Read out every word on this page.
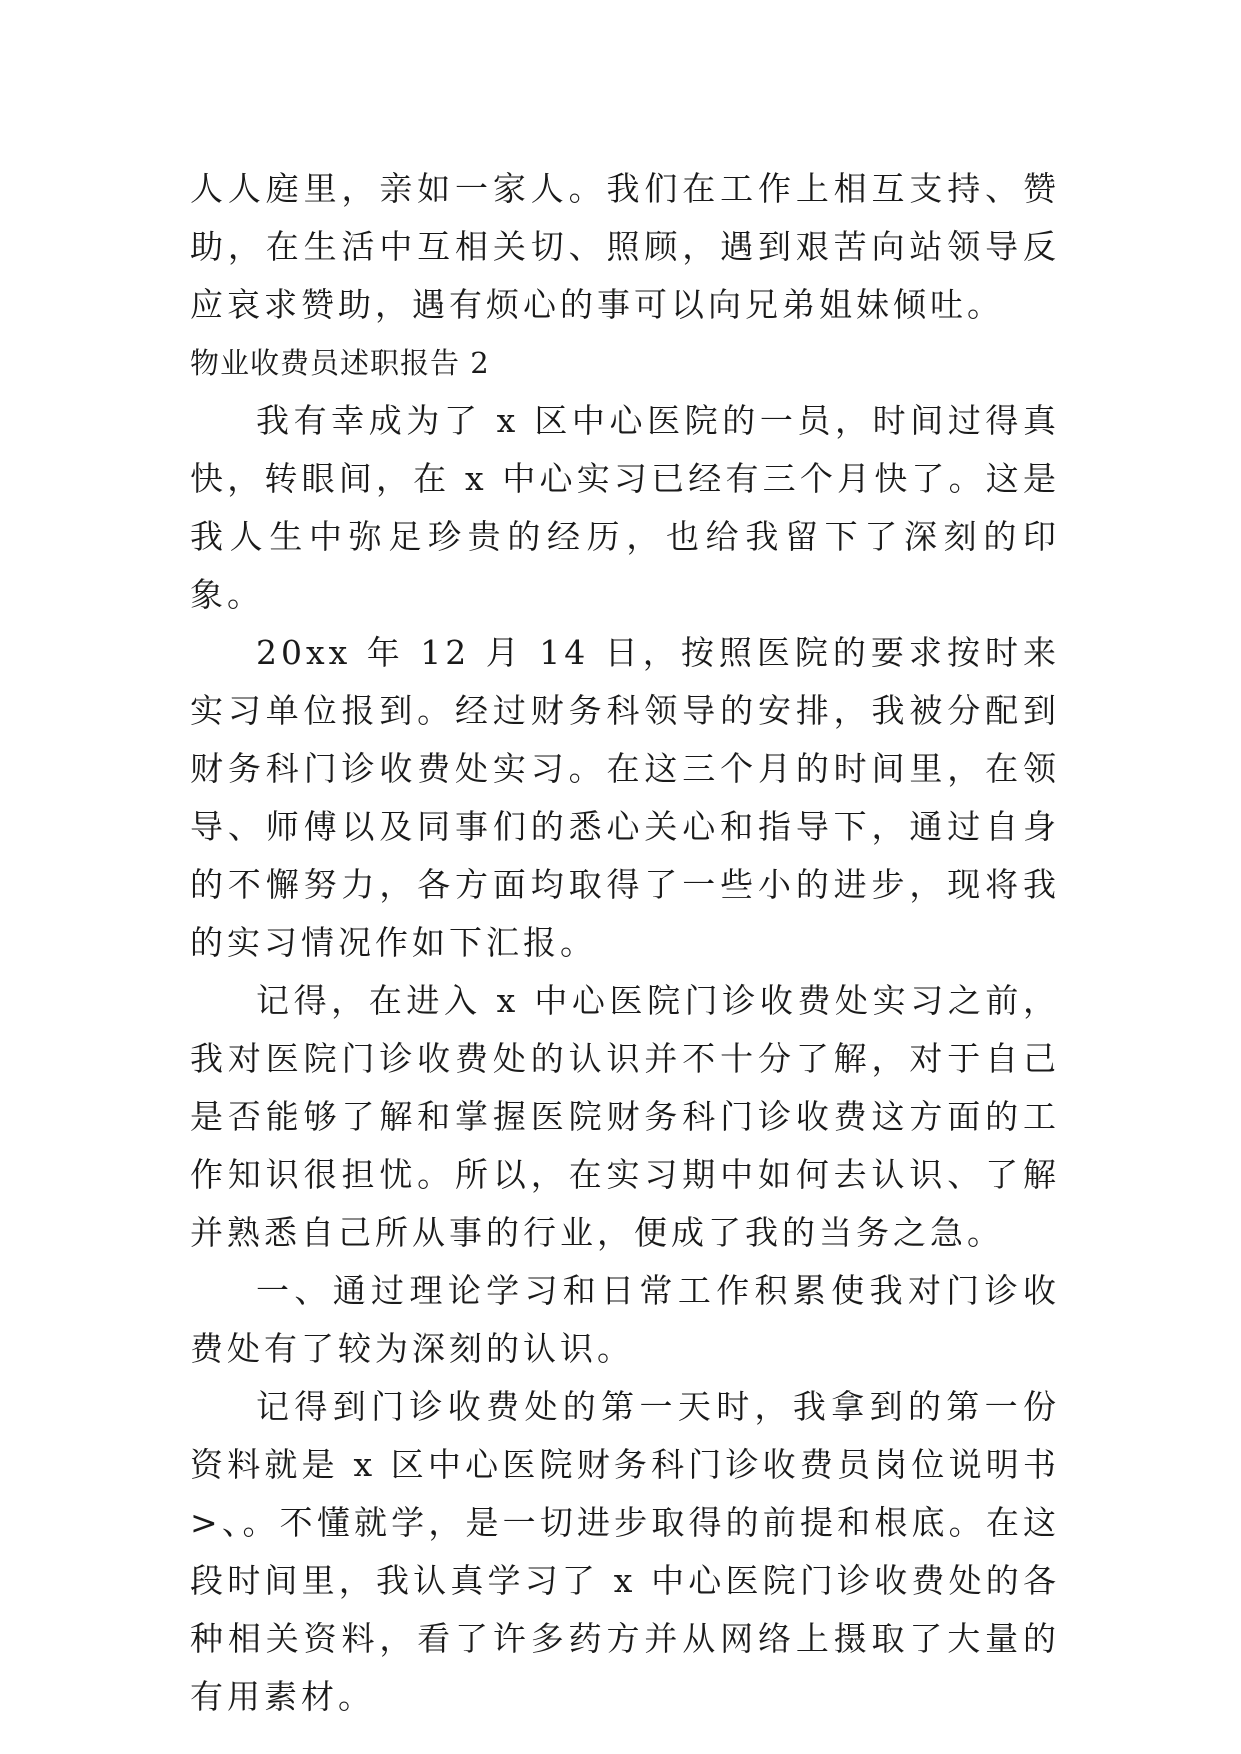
人人庭里，亲如一家人。我们在工作上相互支持、赞助，在生活中互相关切、照顾，遇到艰苦向站领导反应哀求赞助，遇有烦心的事可以向兄弟姐妹倾吐。

物业收费员述职报告 2

我有幸成为了 x 区中心医院的一员，时间过得真快，转眼间，在 x 中心实习已经有三个月快了。这是我人生中弥足珍贵的经历，也给我留下了深刻的印象。

20xx 年 12 月 14 日，按照医院的要求按时来实习单位报到。经过财务科领导的安排，我被分配到财务科门诊收费处实习。在这三个月的时间里，在领导、师傅以及同事们的悉心关心和指导下，通过自身的不懈努力，各方面均取得了一些小的进步，现将我的实习情况作如下汇报。

记得，在进入 x 中心医院门诊收费处实习之前，我对医院门诊收费处的认识并不十分了解，对于自己是否能够了解和掌握医院财务科门诊收费这方面的工作知识很担忧。所以，在实习期中如何去认识、了解并熟悉自己所从事的行业，便成了我的当务之急。

一、通过理论学习和日常工作积累使我对门诊收费处有了较为深刻的认识。

记得到门诊收费处的第一天时，我拿到的第一份资料就是 x 区中心医院财务科门诊收费员岗位说明书>、。不懂就学，是一切进步取得的前提和根底。在这段时间里，我认真学习了 x 中心医院门诊收费处的各种相关资料，看了许多药方并从网络上摄取了大量的有用素材。
